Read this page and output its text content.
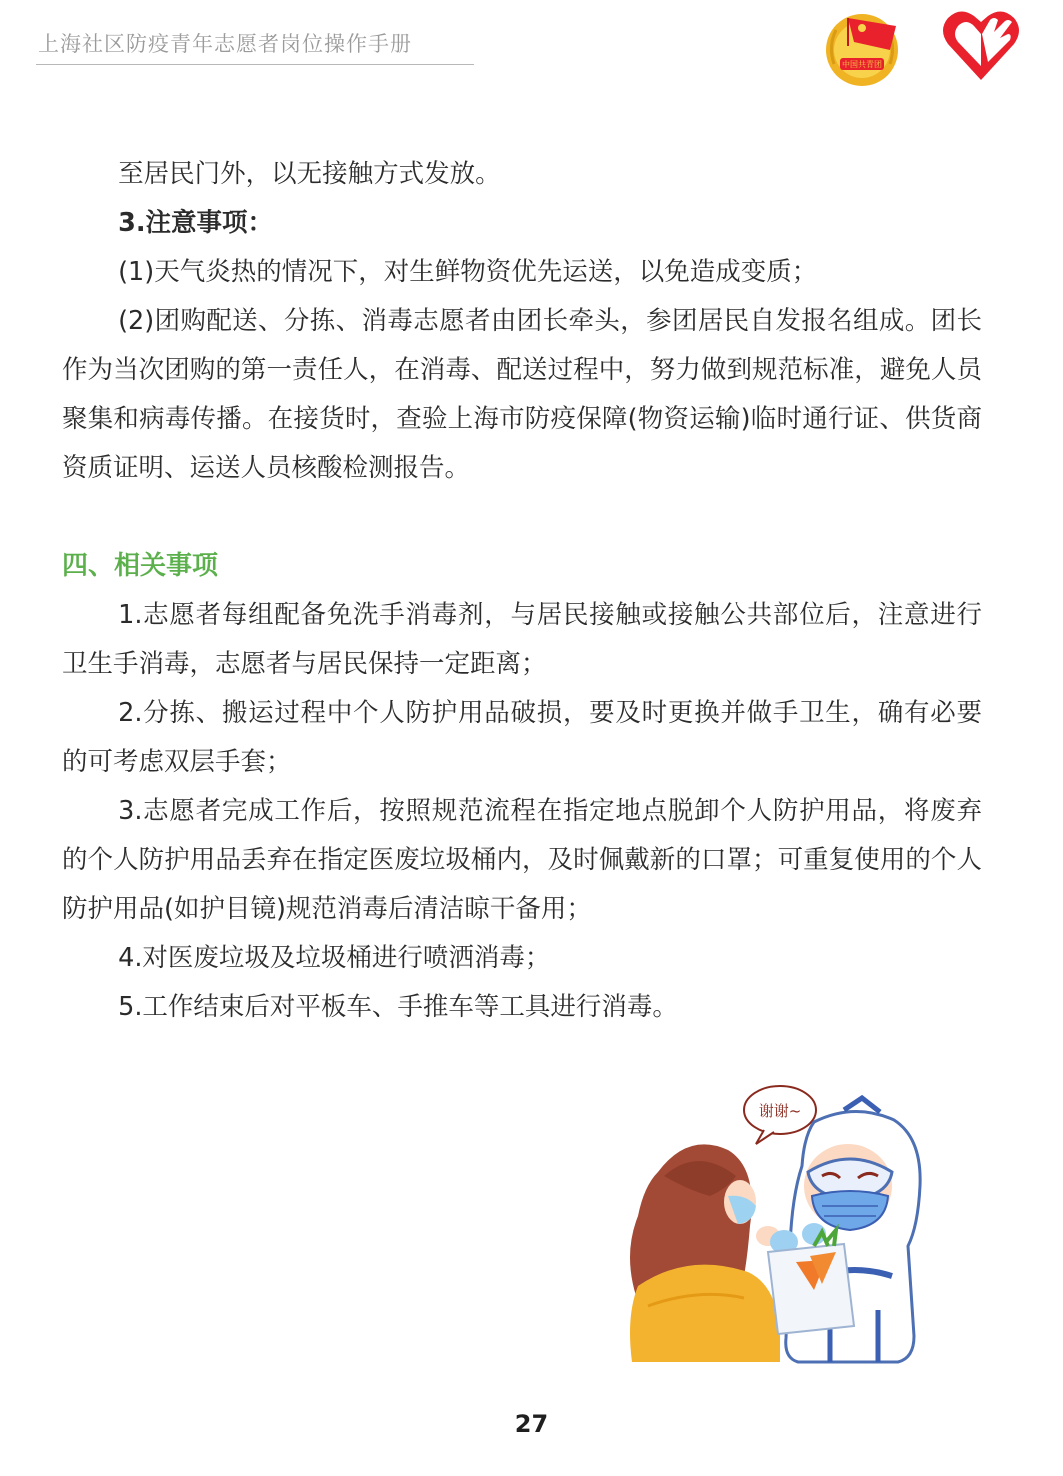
上海社区防疫青年志愿者岗位操作手册
中国共青团

至居民门外，以无接触方式发放。

3.注意事项：

(1)天气炎热的情况下，对生鲜物资优先运送，以免造成变质；

(2)团购配送、分拣、消毒志愿者由团长牵头，参团居民自发报名组成。团长作为当次团购的第一责任人，在消毒、配送过程中，努力做到规范标准，避免人员聚集和病毒传播。在接货时，查验上海市防疫保障(物资运输)临时通行证、供货商资质证明、运送人员核酸检测报告。

四、相关事项

1.志愿者每组配备免洗手消毒剂，与居民接触或接触公共部位后，注意进行卫生手消毒，志愿者与居民保持一定距离；

2.分拣、搬运过程中个人防护用品破损，要及时更换并做手卫生，确有必要的可考虑双层手套；

3.志愿者完成工作后，按照规范流程在指定地点脱卸个人防护用品，将废弃的个人防护用品丢弃在指定医废垃圾桶内，及时佩戴新的口罩；可重复使用的个人防护用品(如护目镜)规范消毒后清洁晾干备用；

4.对医废垃圾及垃圾桶进行喷洒消毒；

5.工作结束后对平板车、手推车等工具进行消毒。

谢谢~
27
